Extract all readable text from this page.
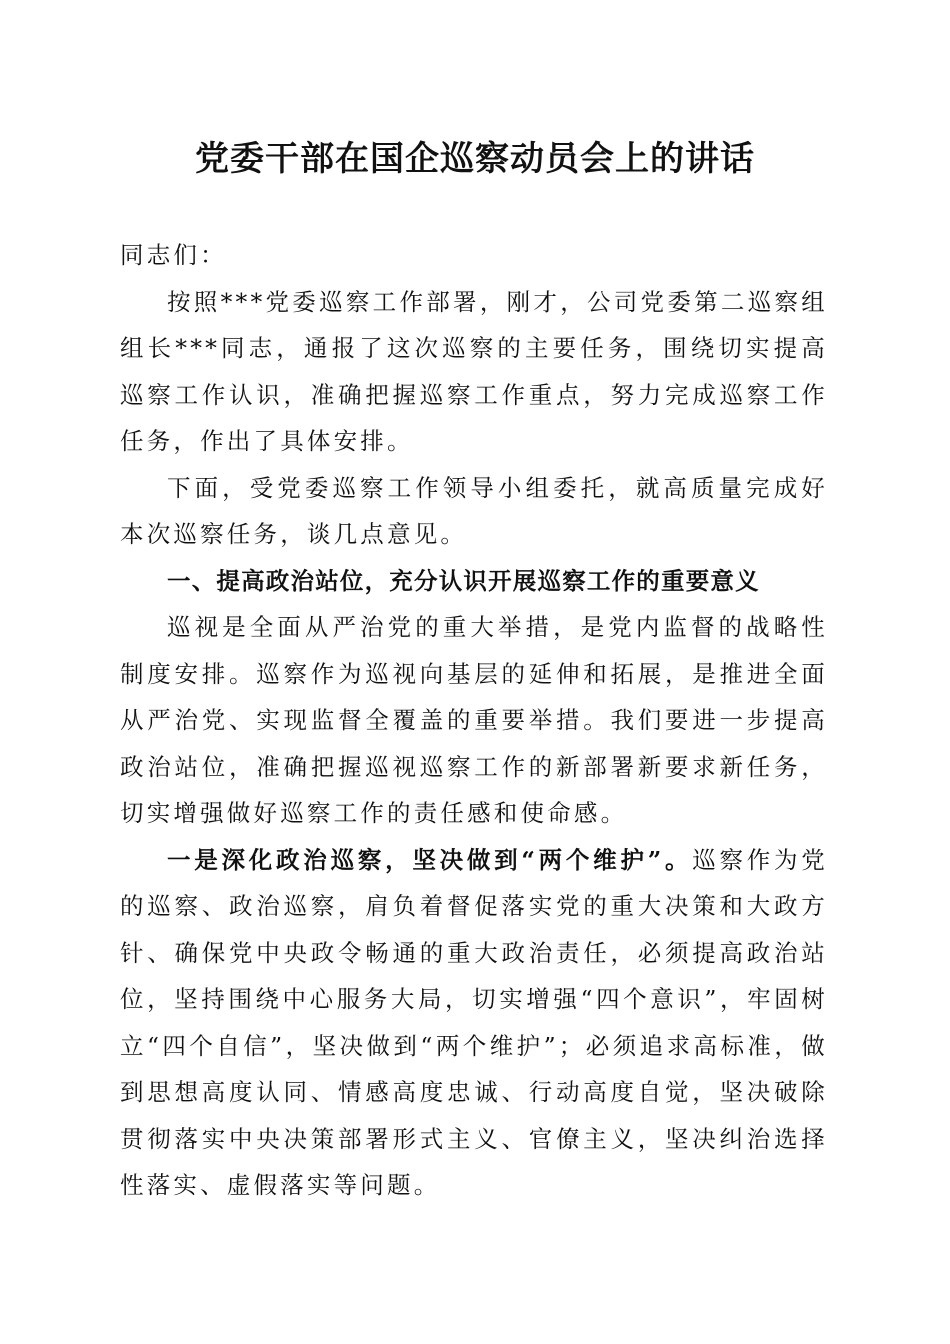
党委干部在国企巡察动员会上的讲话

同志们：

按照***党委巡察工作部署，刚才，公司党委第二巡察组组长***同志，通报了这次巡察的主要任务，围绕切实提高巡察工作认识，准确把握巡察工作重点，努力完成巡察工作任务，作出了具体安排。

下面，受党委巡察工作领导小组委托，就高质量完成好本次巡察任务，谈几点意见。

一、提高政治站位，充分认识开展巡察工作的重要意义

巡视是全面从严治党的重大举措，是党内监督的战略性制度安排。巡察作为巡视向基层的延伸和拓展，是推进全面从严治党、实现监督全覆盖的重要举措。我们要进一步提高政治站位，准确把握巡视巡察工作的新部署新要求新任务，切实增强做好巡察工作的责任感和使命感。

一是深化政治巡察，坚决做到“两个维护”。巡察作为党的巡察、政治巡察，肩负着督促落实党的重大决策和大政方针、确保党中央政令畅通的重大政治责任，必须提高政治站位，坚持围绕中心服务大局，切实增强“四个意识”，牢固树立“四个自信”，坚决做到“两个维护”；必须追求高标准，做到思想高度认同、情感高度忠诚、行动高度自觉，坚决破除贯彻落实中央决策部署形式主义、官僚主义，坚决纠治选择性落实、虚假落实等问题。
